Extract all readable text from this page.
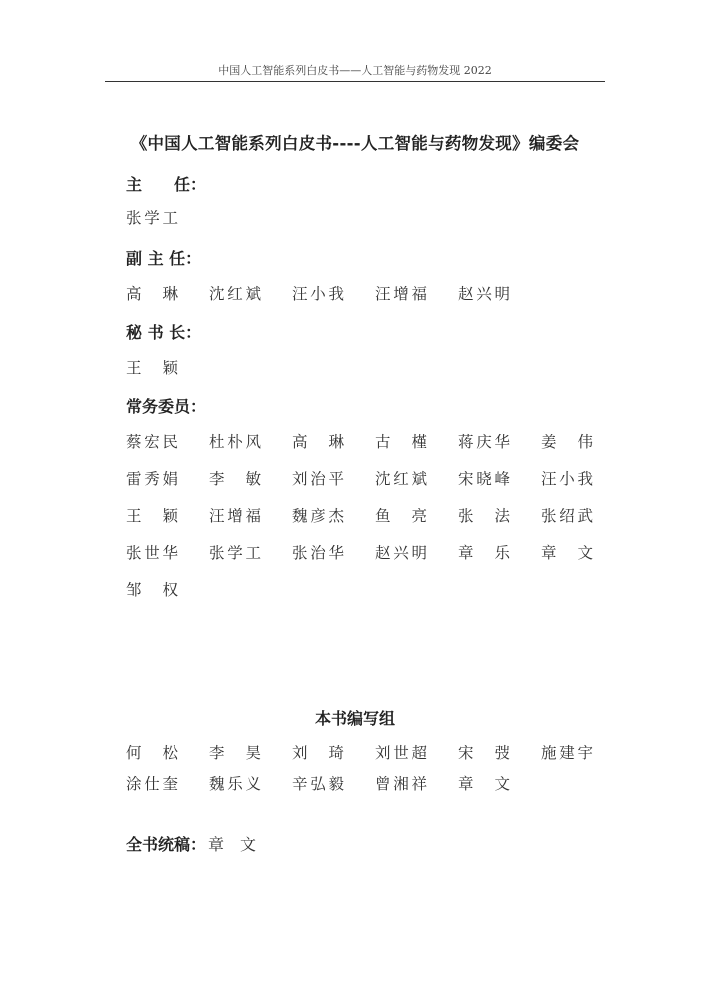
中国人工智能系列白皮书——人工智能与药物发现 2022
《中国人工智能系列白皮书----人工智能与药物发现》编委会
主　　任：
张学工
副 主 任：
高　琳 沈红斌 汪小我 汪增福 赵兴明
秘 书 长：
王　颖
常务委员：
蔡宏民 杜朴风 高　琳 古　槿 蒋庆华 姜　伟
雷秀娟 李　敏 刘治平 沈红斌 宋晓峰 汪小我
王　颖 汪增福 魏彦杰 鱼　亮 张　法 张绍武
张世华 张学工 张治华 赵兴明 章　乐 章　文
邹　权
本书编写组
何　松 李　昊 刘　琦 刘世超 宋　弢 施建宇
涂仕奎 魏乐义 辛弘毅 曾湘祥 章　文
全书统稿： 章　文
